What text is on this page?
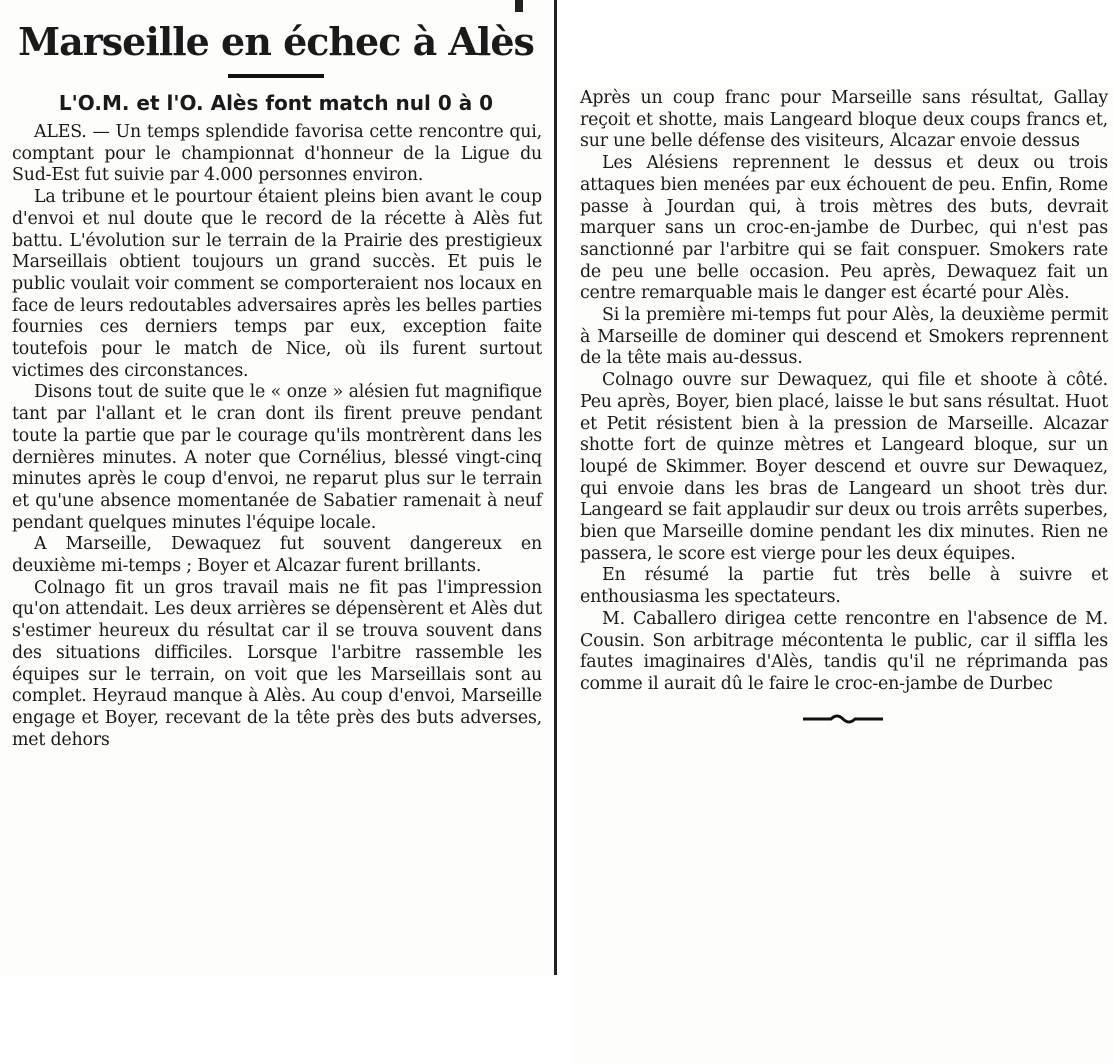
Marseille en échec à Alès
L'O.M. et l'O. Alès font match nul 0 à 0

ALES. — Un temps splendide favorisa cette rencontre qui, comptant pour le championnat d'honneur de la Ligue du Sud-Est fut suivie par 4.000 personnes environ.

La tribune et le pourtour étaient pleins bien avant le coup d'envoi et nul doute que le record de la récette à Alès fut battu. L'évolution sur le terrain de la Prairie des prestigieux Marseillais obtient toujours un grand succès. Et puis le public voulait voir comment se comporteraient nos locaux en face de leurs redoutables adversaires après les belles parties fournies ces derniers temps par eux, exception faite toutefois pour le match de Nice, où ils furent surtout victimes des circonstances.

Disons tout de suite que le « onze » alésien fut magnifique tant par l'allant et le cran dont ils firent preuve pendant toute la partie que par le courage qu'ils montrèrent dans les dernières minutes. A noter que Cornélius, blessé vingt-cinq minutes après le coup d'envoi, ne reparut plus sur le terrain et qu'une absence momentanée de Sabatier ramenait à neuf pendant quelques minutes l'équipe locale.

A Marseille, Dewaquez fut souvent dangereux en deuxième mi-temps ; Boyer et Alcazar furent brillants.

Colnago fit un gros travail mais ne fit pas l'impression qu'on attendait. Les deux arrières se dépensèrent et Alès dut s'estimer heureux du résultat car il se trouva souvent dans des situations difficiles. Lorsque l'arbitre rassemble les équipes sur le terrain, on voit que les Marseillais sont au complet. Heyraud manque à Alès. Au coup d'envoi, Marseille engage et Boyer, recevant de la tête près des buts adverses, met dehors

Après un coup franc pour Marseille sans résultat, Gallay reçoit et shotte, mais Langeard bloque deux coups francs et, sur une belle défense des visiteurs, Alcazar envoie dessus

Les Alésiens reprennent le dessus et deux ou trois attaques bien menées par eux échouent de peu. Enfin, Rome passe à Jourdan qui, à trois mètres des buts, devrait marquer sans un croc-en-jambe de Durbec, qui n'est pas sanctionné par l'arbitre qui se fait conspuer. Smokers rate de peu une belle occasion. Peu après, Dewaquez fait un centre remarquable mais le danger est écarté pour Alès.

Si la première mi-temps fut pour Alès, la deuxième permit à Marseille de dominer qui descend et Smokers reprennent de la tête mais au-dessus.

Colnago ouvre sur Dewaquez, qui file et shoote à côté. Peu après, Boyer, bien placé, laisse le but sans résultat. Huot et Petit résistent bien à la pression de Marseille. Alcazar shotte fort de quinze mètres et Langeard bloque, sur un loupé de Skimmer. Boyer descend et ouvre sur Dewaquez, qui envoie dans les bras de Langeard un shoot très dur. Langeard se fait applaudir sur deux ou trois arrêts superbes, bien que Marseille domine pendant les dix minutes. Rien ne passera, le score est vierge pour les deux équipes.

En résumé la partie fut très belle à suivre et enthousiasma les spectateurs.

M. Caballero dirigea cette rencontre en l'absence de M. Cousin. Son arbitrage mécontenta le public, car il siffla les fautes imaginaires d'Alès, tandis qu'il ne réprimanda pas comme il aurait dû le faire le croc-en-jambe de Durbec
